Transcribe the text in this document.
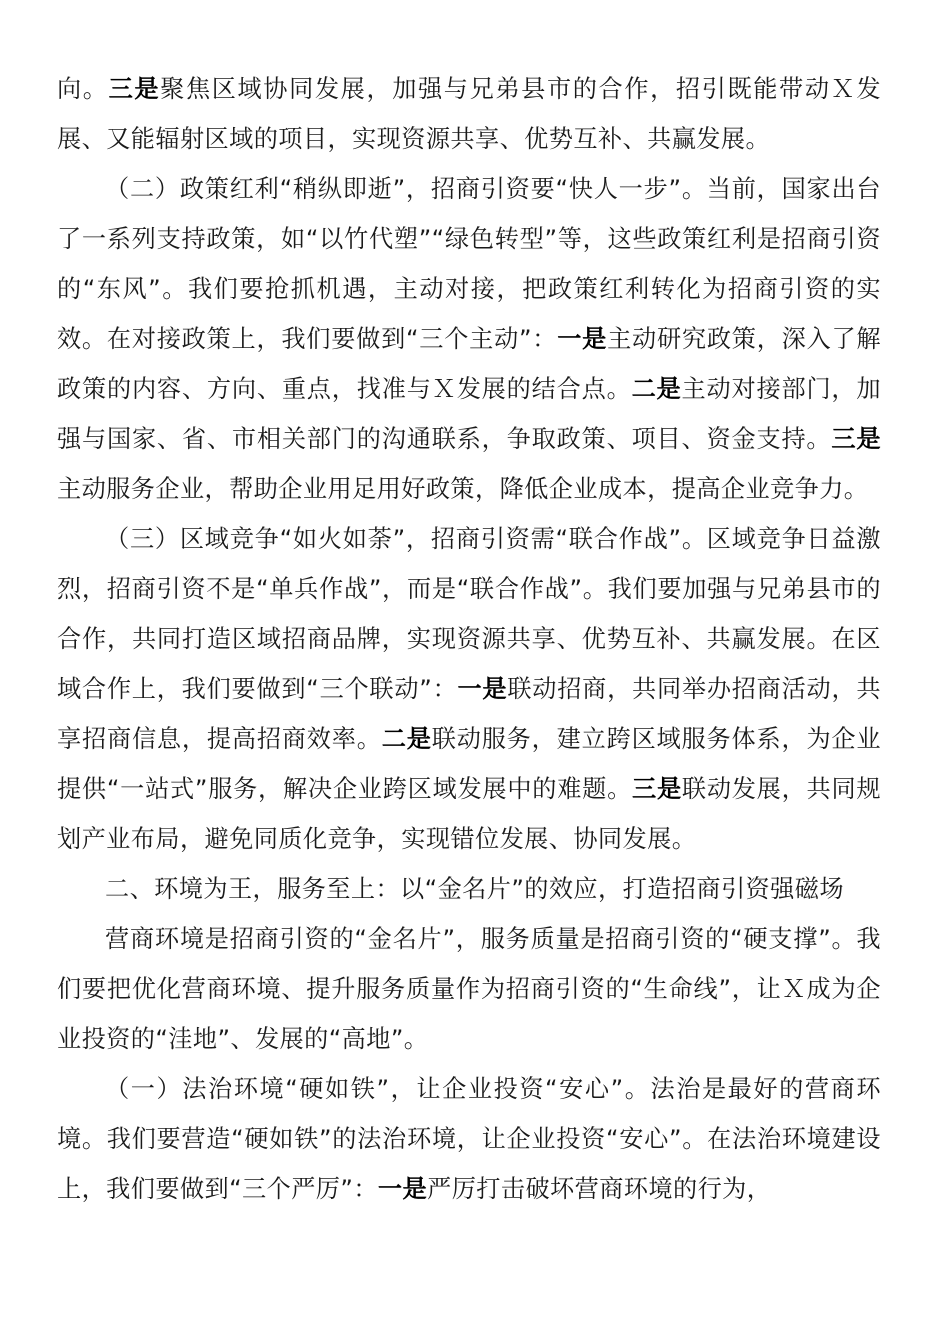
向。三是聚焦区域协同发展，加强与兄弟县市的合作，招引既能带动Ｘ发展、又能辐射区域的项目，实现资源共享、优势互补、共赢发展。

（二）政策红利“稍纵即逝”，招商引资要“快人一步”。当前，国家出台了一系列支持政策，如“以竹代塑”“绿色转型”等，这些政策红利是招商引资的“东风”。我们要抢抓机遇，主动对接，把政策红利转化为招商引资的实效。在对接政策上，我们要做到“三个主动”：一是主动研究政策，深入了解政策的内容、方向、重点，找准与Ｘ发展的结合点。二是主动对接部门，加强与国家、省、市相关部门的沟通联系，争取政策、项目、资金支持。三是主动服务企业，帮助企业用足用好政策，降低企业成本，提高企业竞争力。

（三）区域竞争“如火如荼”，招商引资需“联合作战”。区域竞争日益激烈，招商引资不是“单兵作战”，而是“联合作战”。我们要加强与兄弟县市的合作，共同打造区域招商品牌，实现资源共享、优势互补、共赢发展。在区域合作上，我们要做到“三个联动”：一是联动招商，共同举办招商活动，共享招商信息，提高招商效率。二是联动服务，建立跨区域服务体系，为企业提供“一站式”服务，解决企业跨区域发展中的难题。三是联动发展，共同规划产业布局，避免同质化竞争，实现错位发展、协同发展。

二、环境为王，服务至上：以“金名片”的效应，打造招商引资强磁场

营商环境是招商引资的“金名片”，服务质量是招商引资的“硬支撑”。我们要把优化营商环境、提升服务质量作为招商引资的“生命线”，让Ｘ成为企业投资的“洼地”、发展的“高地”。

（一）法治环境“硬如铁”，让企业投资“安心”。法治是最好的营商环境。我们要营造“硬如铁”的法治环境，让企业投资“安心”。在法治环境建设上，我们要做到“三个严厉”：一是严厉打击破坏营商环境的行为，
